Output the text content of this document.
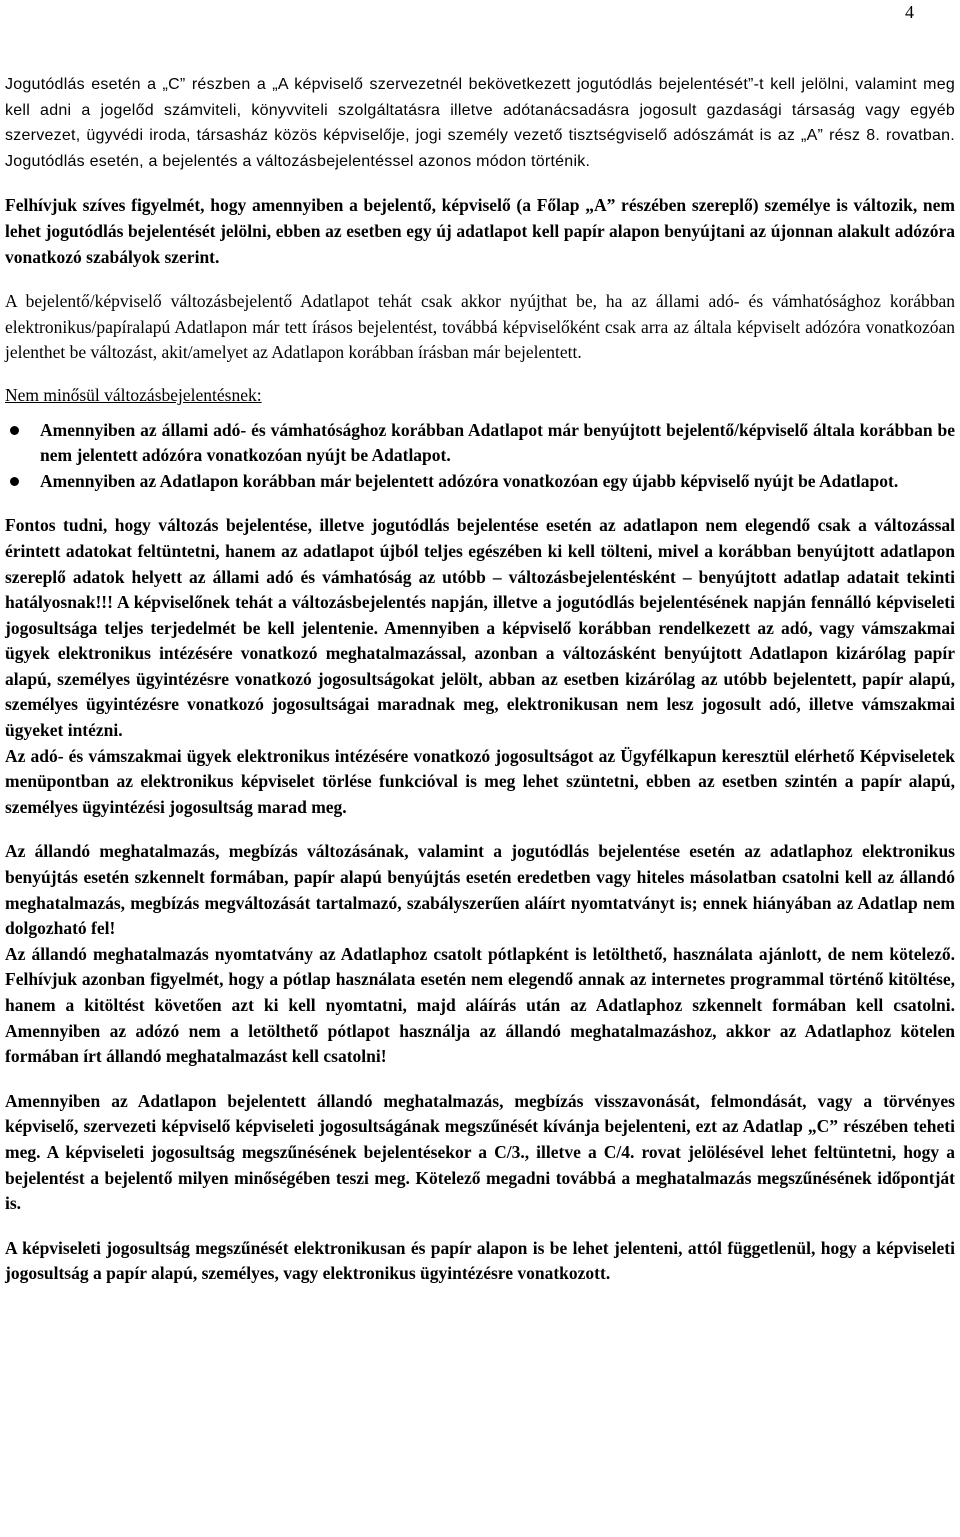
4

Jogutódlás esetén a „C” részben a „A képviselő szervezetnél bekövetkezett jogutódlás bejelentését”-t kell jelölni, valamint meg kell adni a jogelőd számviteli, könyvviteli szolgáltatásra illetve adótanácsadásra jogosult gazdasági társaság vagy egyéb szervezet, ügyvédi iroda, társasház közös képviselője, jogi személy vezető tisztségviselő adószámát is az „A” rész 8. rovatban. Jogutódlás esetén, a bejelentés a változásbejelentéssel azonos módon történik.

Felhívjuk szíves figyelmét, hogy amennyiben a bejelentő, képviselő (a Főlap „A” részében szereplő) személye is változik, nem lehet jogutódlás bejelentését jelölni, ebben az esetben egy új adatlapot kell papír alapon benyújtani az újonnan alakult adózóra vonatkozó szabályok szerint.

A bejelentő/képviselő változásbejelentő Adatlapot tehát csak akkor nyújthat be, ha az állami adó- és vámhatósághoz korábban elektronikus/papíralapú Adatlapon már tett írásos bejelentést, továbbá képviselőként csak arra az általa képviselt adózóra vonatkozóan jelenthet be változást, akit/amelyet az Adatlapon korábban írásban már bejelentett.

Nem minősül változásbejelentésnek:

Amennyiben az állami adó- és vámhatósághoz korábban Adatlapot már benyújtott bejelentő/képviselő általa korábban be nem jelentett adózóra vonatkozóan nyújt be Adatlapot.
Amennyiben az Adatlapon korábban már bejelentett adózóra vonatkozóan egy újabb képviselő nyújt be Adatlapot.

Fontos tudni, hogy változás bejelentése, illetve jogutódlás bejelentése esetén az adatlapon nem elegendő csak a változással érintett adatokat feltüntetni, hanem az adatlapot újból teljes egészében ki kell tölteni, mivel a korábban benyújtott adatlapon szereplő adatok helyett az állami adó és vámhatóság az utóbb – változásbejelentésként – benyújtott adatlap adatait tekinti hatályosnak!!! A képviselőnek tehát a változásbejelentés napján, illetve a jogutódlás bejelentésének napján fennálló képviseleti jogosultsága teljes terjedelmét be kell jelentenie. Amennyiben a képviselő korábban rendelkezett az adó, vagy vámszakmai ügyek elektronikus intézésére vonatkozó meghatalmazással, azonban a változásként benyújtott Adatlapon kizárólag papír alapú, személyes ügyintézésre vonatkozó jogosultságokat jelölt, abban az esetben kizárólag az utóbb bejelentett, papír alapú, személyes ügyintézésre vonatkozó jogosultságai maradnak meg, elektronikusan nem lesz jogosult adó, illetve vámszakmai ügyeket intézni.

Az adó- és vámszakmai ügyek elektronikus intézésére vonatkozó jogosultságot az Ügyfélkapun keresztül elérhető Képviseletek menüpontban az elektronikus képviselet törlése funkcióval is meg lehet szüntetni, ebben az esetben szintén a papír alapú, személyes ügyintézési jogosultság marad meg.

Az állandó meghatalmazás, megbízás változásának, valamint a jogutódlás bejelentése esetén az adatlaphoz elektronikus benyújtás esetén szkennelt formában, papír alapú benyújtás esetén eredetben vagy hiteles másolatban csatolni kell az állandó meghatalmazás, megbízás megváltozását tartalmazó, szabályszerűen aláírt nyomtatványt is; ennek hiányában az Adatlap nem dolgozható fel!

Az állandó meghatalmazás nyomtatvány az Adatlaphoz csatolt pótlapként is letölthető, használata ajánlott, de nem kötelező. Felhívjuk azonban figyelmét, hogy a pótlap használata esetén nem elegendő annak az internetes programmal történő kitöltése, hanem a kitöltést követően azt ki kell nyomtatni, majd aláírás után az Adatlaphoz szkennelt formában kell csatolni. Amennyiben az adózó nem a letölthető pótlapot használja az állandó meghatalmazáshoz, akkor az Adatlaphoz kötelen formában írt állandó meghatalmazást kell csatolni!

Amennyiben az Adatlapon bejelentett állandó meghatalmazás, megbízás visszavonását, felmondását, vagy a törvényes képviselő, szervezeti képviselő képviseleti jogosultságának megszűnését kívánja bejelenteni, ezt az Adatlap „C” részében teheti meg. A képviseleti jogosultság megszűnésének bejelentésekor a C/3., illetve a C/4. rovat jelölésével lehet feltüntetni, hogy a bejelentést a bejelentő milyen minőségében teszi meg. Kötelező megadni továbbá a meghatalmazás megszűnésének időpontját is.

A képviseleti jogosultság megszűnését elektronikusan és papír alapon is be lehet jelenteni, attól függetlenül, hogy a képviseleti jogosultság a papír alapú, személyes, vagy elektronikus ügyintézésre vonatkozott.
